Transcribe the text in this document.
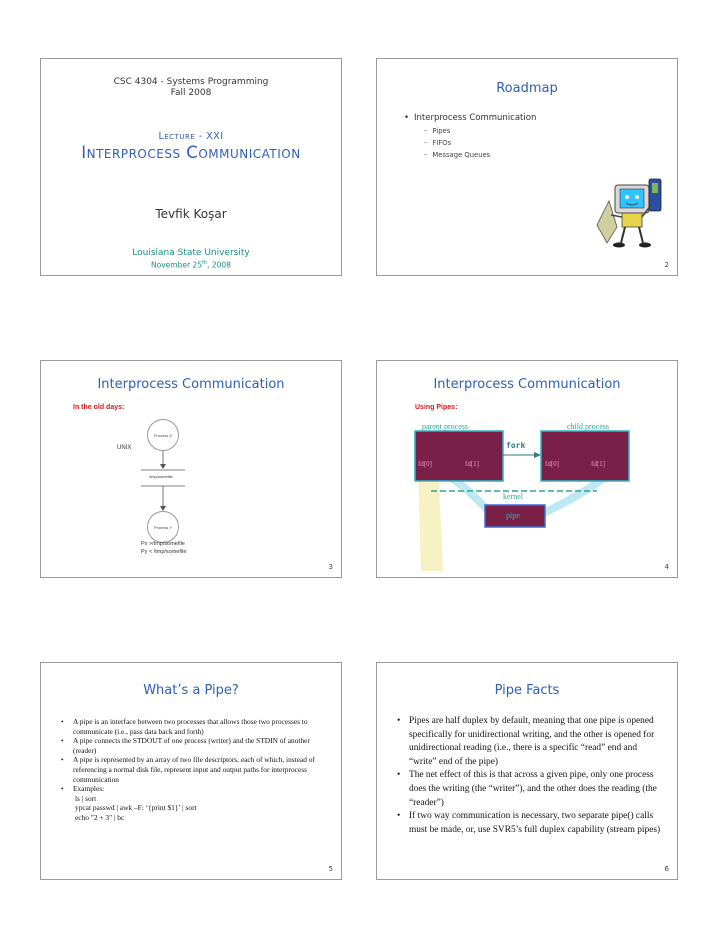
CSC 4304 - Systems Programming
Fall 2008
Lecture - XXI
Interprocess Communication
Tevfik Koşar
Louisiana State University
November 25th, 2008
Roadmap
• Interprocess Communication
– Pipes
– FIFOs
– Message Queues
2
Interprocess Communication
In the old days:
Process X
UNIX
/tmp/somefile
Process Y
Px >/tmp/somefile
Py < /tmp/somefile
3
Interprocess Communication
Using Pipes:
parent process	child process
fork
fd[0]	fd[1]	fd[0]	fd[1]
kernel
pipe
4
What’s a Pipe?
• A pipe is an interface between two processes that allows those two processes to communicate (i.e., pass data back and forth)
• A pipe connects the STDOUT of one process (writer) and the STDIN of another (reader)
• A pipe is represented by an array of two file descriptors, each of which, instead of referencing a normal disk file, represent input and output paths for interprocess communication
• Examples:
ls | sort
ypcat passwd | awk –F: ‘{print $1}’ | sort
echo "2 + 3" | bc
5
Pipe Facts
• Pipes are half duplex by default, meaning that one pipe is opened specifically for unidirectional writing, and the other is opened for unidirectional reading (i.e., there is a specific “read” end and “write” end of the pipe)
• The net effect of this is that across a given pipe, only one process does the writing (the “writer”), and the other does the reading (the “reader”)
• If two way communication is necessary, two separate pipe() calls must be made, or, use SVR5’s full duplex capability (stream pipes)
6
